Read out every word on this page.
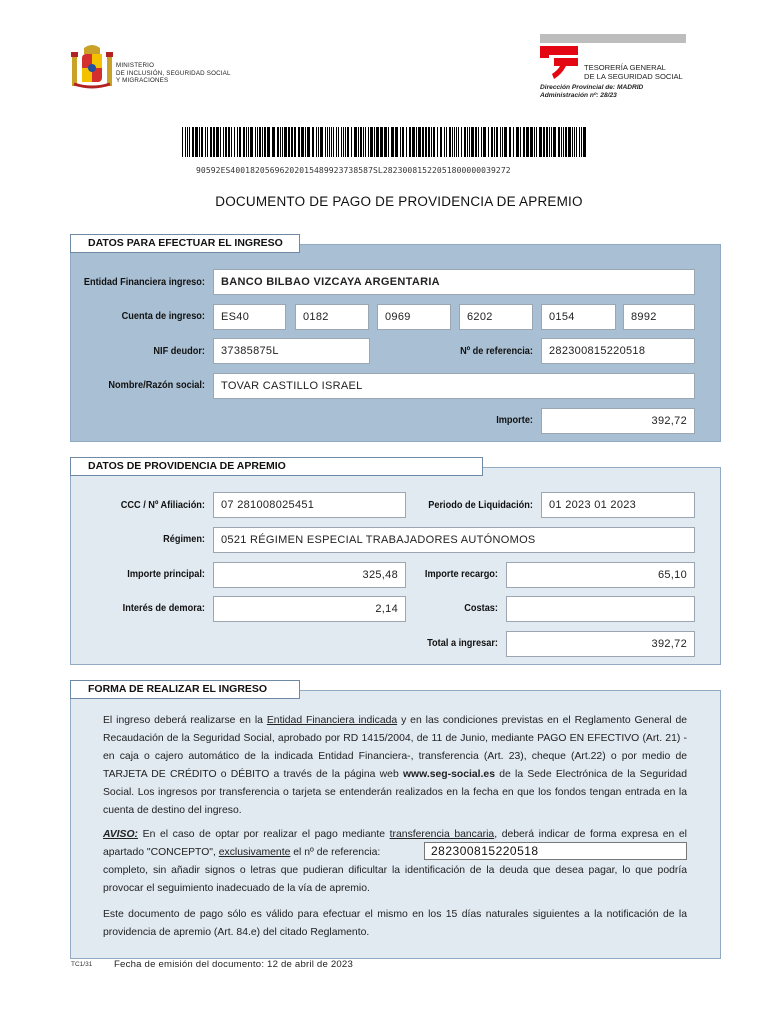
MINISTERIO
DE INCLUSIÓN, SEGURIDAD SOCIAL
Y MIGRACIONES
TESORERÍA GENERAL
DE LA SEGURIDAD SOCIAL
Dirección Provincial de: MADRID
Administración nº: 28/23
90592ES40018205696202015489923738587SL28230081522051800000039272
DOCUMENTO DE PAGO DE PROVIDENCIA DE APREMIO
DATOS PARA EFECTUAR EL INGRESO
Entidad Financiera ingreso:	BANCO BILBAO VIZCAYA ARGENTARIA
Cuenta de ingreso:	ES40	0182	0969	6202	0154	8992
NIF deudor:	37385875L	Nº de referencia:	282300815220518
Nombre/Razón social:	TOVAR CASTILLO ISRAEL
Importe:	392,72
DATOS DE PROVIDENCIA DE APREMIO
CCC / Nº Afiliación:	07 281008025451	Periodo de Liquidación:	01 2023 01 2023
Régimen:	0521 RÉGIMEN ESPECIAL TRABAJADORES AUTÓNOMOS
Importe principal:	325,48	Importe recargo:	65,10
Interés de demora:	2,14	Costas:
Total a ingresar:	392,72
FORMA DE REALIZAR EL INGRESO
El ingreso deberá realizarse en la Entidad Financiera indicada y en las condiciones previstas en el Reglamento General de Recaudación de la Seguridad Social, aprobado por RD 1415/2004, de 11 de Junio, mediante PAGO EN EFECTIVO (Art. 21) - en caja o cajero automático de la indicada Entidad Financiera-, transferencia (Art. 23), cheque (Art.22) o por medio de TARJETA DE CRÉDITO o DÉBITO a través de la página web www.seg-social.es de la Sede Electrónica de la Seguridad Social. Los ingresos por transferencia o tarjeta se entenderán realizados en la fecha en que los fondos tengan entrada en la cuenta de destino del ingreso.
AVISO: En el caso de optar por realizar el pago mediante transferencia bancaria, deberá indicar de forma expresa en el apartado "CONCEPTO", exclusivamente el nº de referencia:	282300815220518
completo, sin añadir signos o letras que pudieran dificultar la identificación de la deuda que desea pagar, lo que podría provocar el seguimiento inadecuado de la vía de apremio.
Este documento de pago sólo es válido para efectuar el mismo en los 15 días naturales siguientes a la notificación de la providencia de apremio (Art. 84.e) del citado Reglamento.
TC1/31 Fecha de emisión del documento: 12 de abril de 2023
